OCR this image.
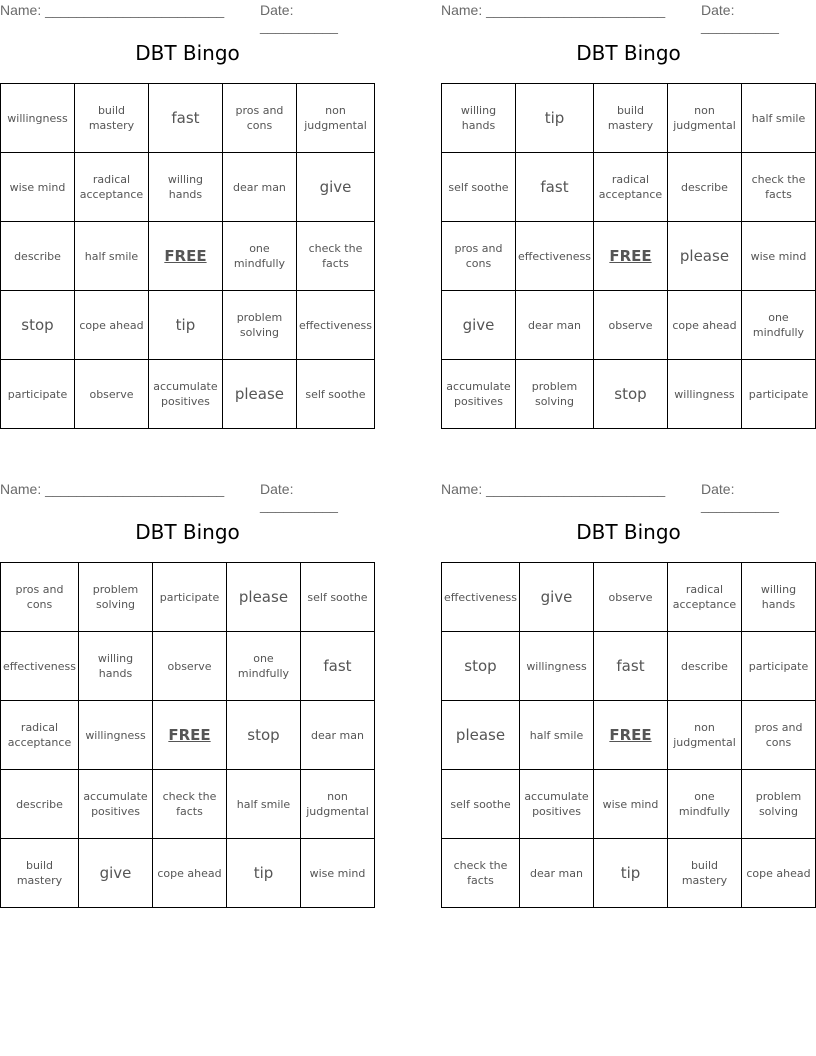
Name: _______________________	Date: __________
DBT Bingo
willingness	build mastery	fast	pros and cons	non judgmental
wise mind	radical acceptance	willing hands	dear man	give
describe	half smile	FREE	one mindfully	check the facts
stop	cope ahead	tip	problem solving	effectiveness
participate	observe	accumulate positives	please	self soothe
Name: _______________________	Date: __________
DBT Bingo
willing hands	tip	build mastery	non judgmental	half smile
self soothe	fast	radical acceptance	describe	check the facts
pros and cons	effectiveness	FREE	please	wise mind
give	dear man	observe	cope ahead	one mindfully
accumulate positives	problem solving	stop	willingness	participate
Name: _______________________	Date: __________
DBT Bingo
pros and cons	problem solving	participate	please	self soothe
effectiveness	willing hands	observe	one mindfully	fast
radical acceptance	willingness	FREE	stop	dear man
describe	accumulate positives	check the facts	half smile	non judgmental
build mastery	give	cope ahead	tip	wise mind
Name: _______________________	Date: __________
DBT Bingo
effectiveness	give	observe	radical acceptance	willing hands
stop	willingness	fast	describe	participate
please	half smile	FREE	non judgmental	pros and cons
self soothe	accumulate positives	wise mind	one mindfully	problem solving
check the facts	dear man	tip	build mastery	cope ahead
